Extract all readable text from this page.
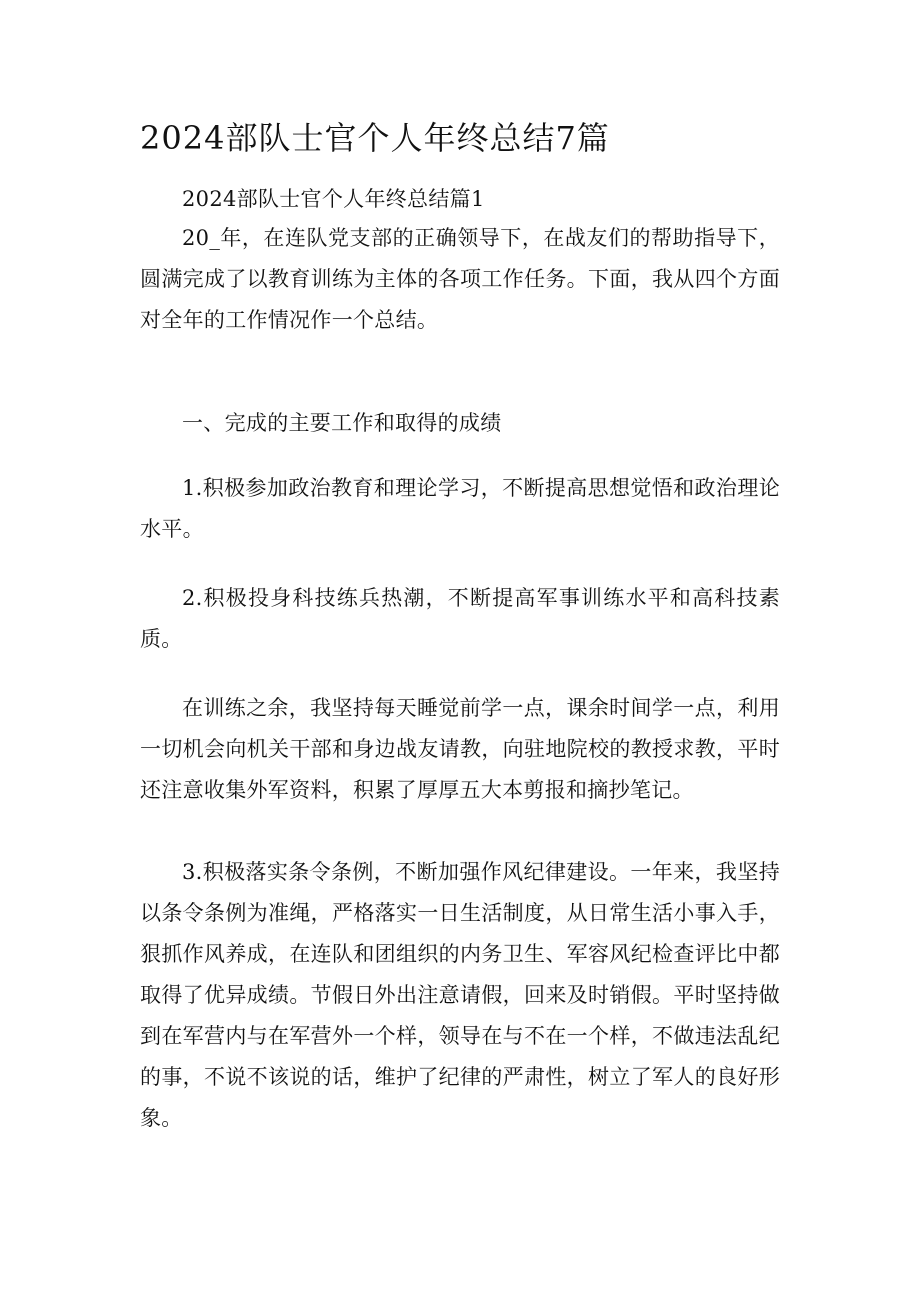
2024部队士官个人年终总结7篇

2024部队士官个人年终总结篇1

20_年，在连队党支部的正确领导下，在战友们的帮助指导下，圆满完成了以教育训练为主体的各项工作任务。下面，我从四个方面对全年的工作情况作一个总结。

一、完成的主要工作和取得的成绩

1.积极参加政治教育和理论学习，不断提高思想觉悟和政治理论水平。

2.积极投身科技练兵热潮，不断提高军事训练水平和高科技素质。

在训练之余，我坚持每天睡觉前学一点，课余时间学一点，利用一切机会向机关干部和身边战友请教，向驻地院校的教授求教，平时还注意收集外军资料，积累了厚厚五大本剪报和摘抄笔记。

3.积极落实条令条例，不断加强作风纪律建设。一年来，我坚持以条令条例为准绳，严格落实一日生活制度，从日常生活小事入手，狠抓作风养成，在连队和团组织的内务卫生、军容风纪检查评比中都取得了优异成绩。节假日外出注意请假，回来及时销假。平时坚持做到在军营内与在军营外一个样，领导在与不在一个样，不做违法乱纪的事，不说不该说的话，维护了纪律的严肃性，树立了军人的良好形象。
